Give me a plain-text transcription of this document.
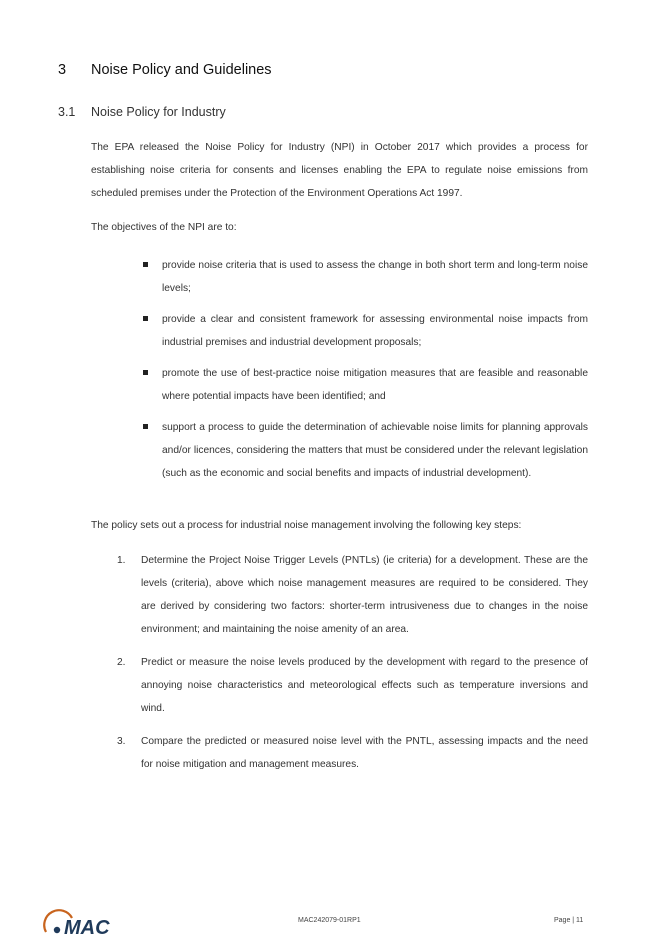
3 Noise Policy and Guidelines
3.1 Noise Policy for Industry

The EPA released the Noise Policy for Industry (NPI) in October 2017 which provides a process for establishing noise criteria for consents and licenses enabling the EPA to regulate noise emissions from scheduled premises under the Protection of the Environment Operations Act 1997.

The objectives of the NPI are to:

provide noise criteria that is used to assess the change in both short term and long-term noise levels;
provide a clear and consistent framework for assessing environmental noise impacts from industrial premises and industrial development proposals;
promote the use of best-practice noise mitigation measures that are feasible and reasonable where potential impacts have been identified; and
support a process to guide the determination of achievable noise limits for planning approvals and/or licences, considering the matters that must be considered under the relevant legislation (such as the economic and social benefits and impacts of industrial development).

The policy sets out a process for industrial noise management involving the following key steps:

1. Determine the Project Noise Trigger Levels (PNTLs) (ie criteria) for a development. These are the levels (criteria), above which noise management measures are required to be considered. They are derived by considering two factors: shorter-term intrusiveness due to changes in the noise environment; and maintaining the noise amenity of an area.
2. Predict or measure the noise levels produced by the development with regard to the presence of annoying noise characteristics and meteorological effects such as temperature inversions and wind.
3. Compare the predicted or measured noise level with the PNTL, assessing impacts and the need for noise mitigation and management measures.
MAC	MAC242079-01RP1	Page | 11
